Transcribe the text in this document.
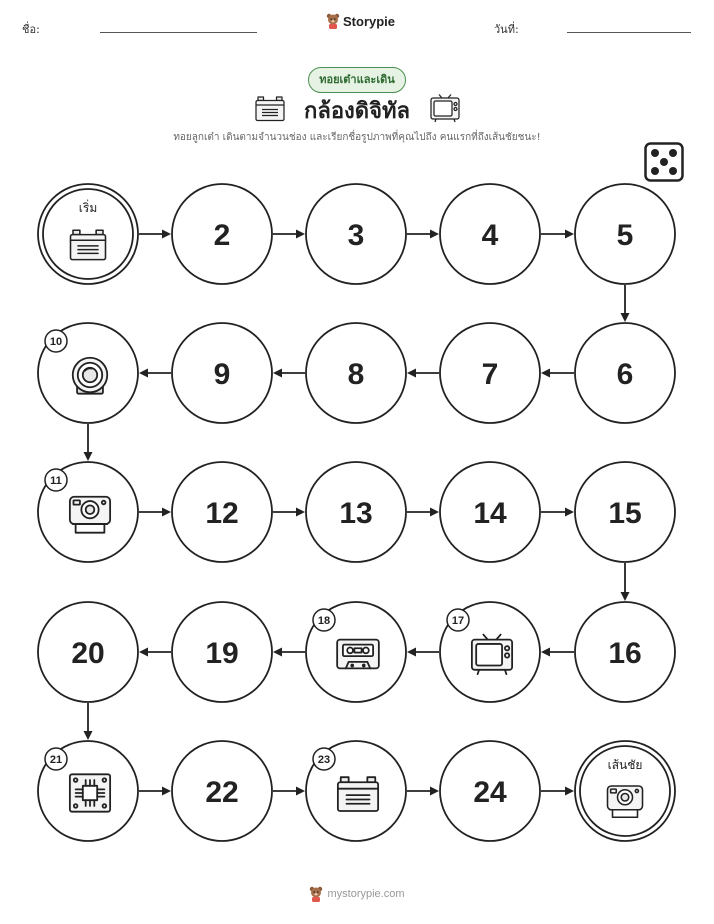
ชื่อ:
Storypie
วันที่:
ทอยเต๋าและเดิน
กล้องดิจิทัล
ทอยลูกเต๋า เดินตามจำนวนช่อง และเรียกชื่อรูปภาพที่คุณไปถึง คนแรกที่ถึงเส้นชัยชนะ!
เริ่ม
2	3	4	5
6
7
8
9
10
11
12	13	14	15
16
17
18
19
20
21
22
23
24
เส้นชัย
mystorypie.com
